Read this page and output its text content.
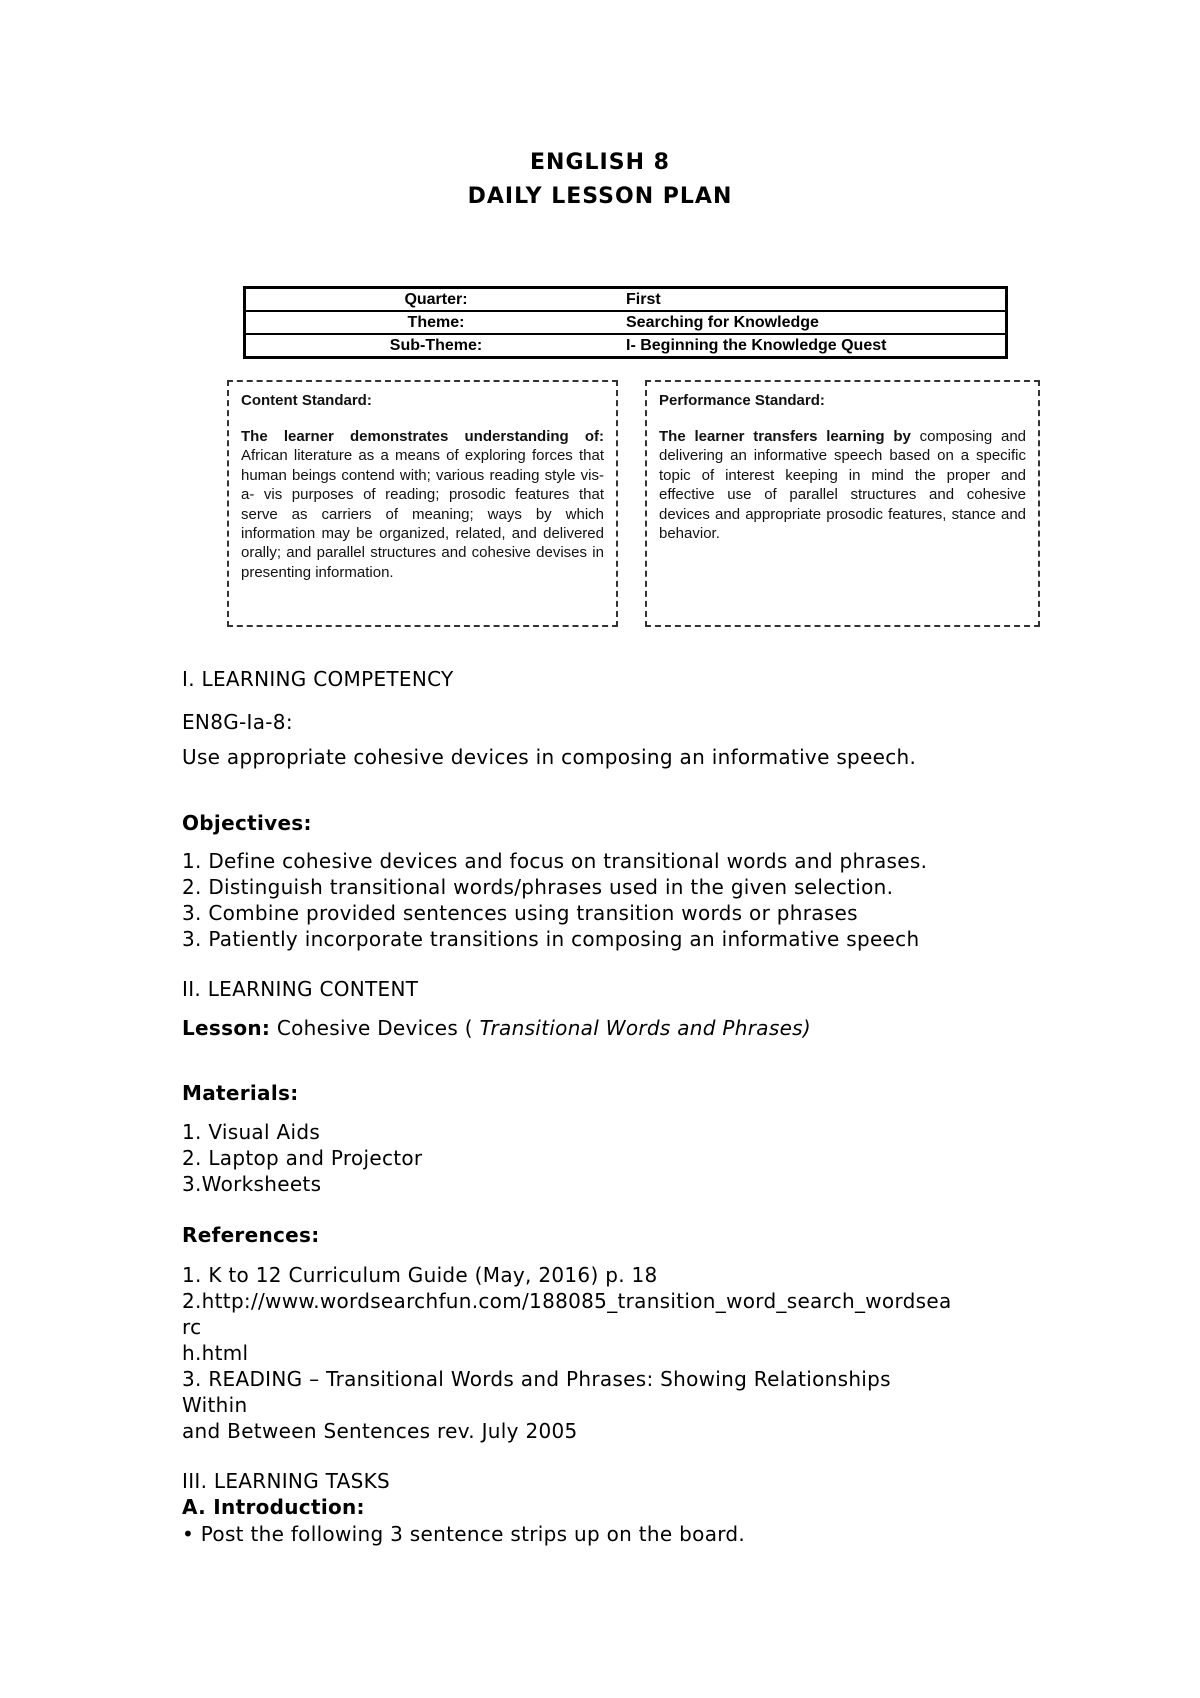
ENGLISH 8
DAILY LESSON PLAN
Quarter:	First
Theme:	Searching for Knowledge
Sub-Theme:	I- Beginning the Knowledge Quest
Content Standard:
The learner demonstrates understanding of: African literature as a means of exploring forces that human beings contend with; various reading style vis- a- vis purposes of reading; prosodic features that serve as carriers of meaning; ways by which information may be organized, related, and delivered orally; and parallel structures and cohesive devises in presenting information.
Performance Standard:
The learner transfers learning by composing and delivering an informative speech based on a specific topic of interest keeping in mind the proper and effective use of parallel structures and cohesive devices and appropriate prosodic features, stance and behavior.
I. LEARNING COMPETENCY
EN8G-Ia-8:
Use appropriate cohesive devices in composing an informative speech.
Objectives:
1. Define cohesive devices and focus on transitional words and phrases.
2. Distinguish transitional words/phrases used in the given selection.
3. Combine provided sentences using transition words or phrases
3. Patiently incorporate transitions in composing an informative speech
II. LEARNING CONTENT
Lesson: Cohesive Devices ( Transitional Words and Phrases)
Materials:
1. Visual Aids
2. Laptop and Projector
3.Worksheets
References:
1. K to 12 Curriculum Guide (May, 2016) p. 18
2.http://www.wordsearchfun.com/188085_transition_word_search_wordsea
rc
h.html
3. READING – Transitional Words and Phrases: Showing Relationships
Within
and Between Sentences rev. July 2005
III. LEARNING TASKS
A. Introduction:
• Post the following 3 sentence strips up on the board.
